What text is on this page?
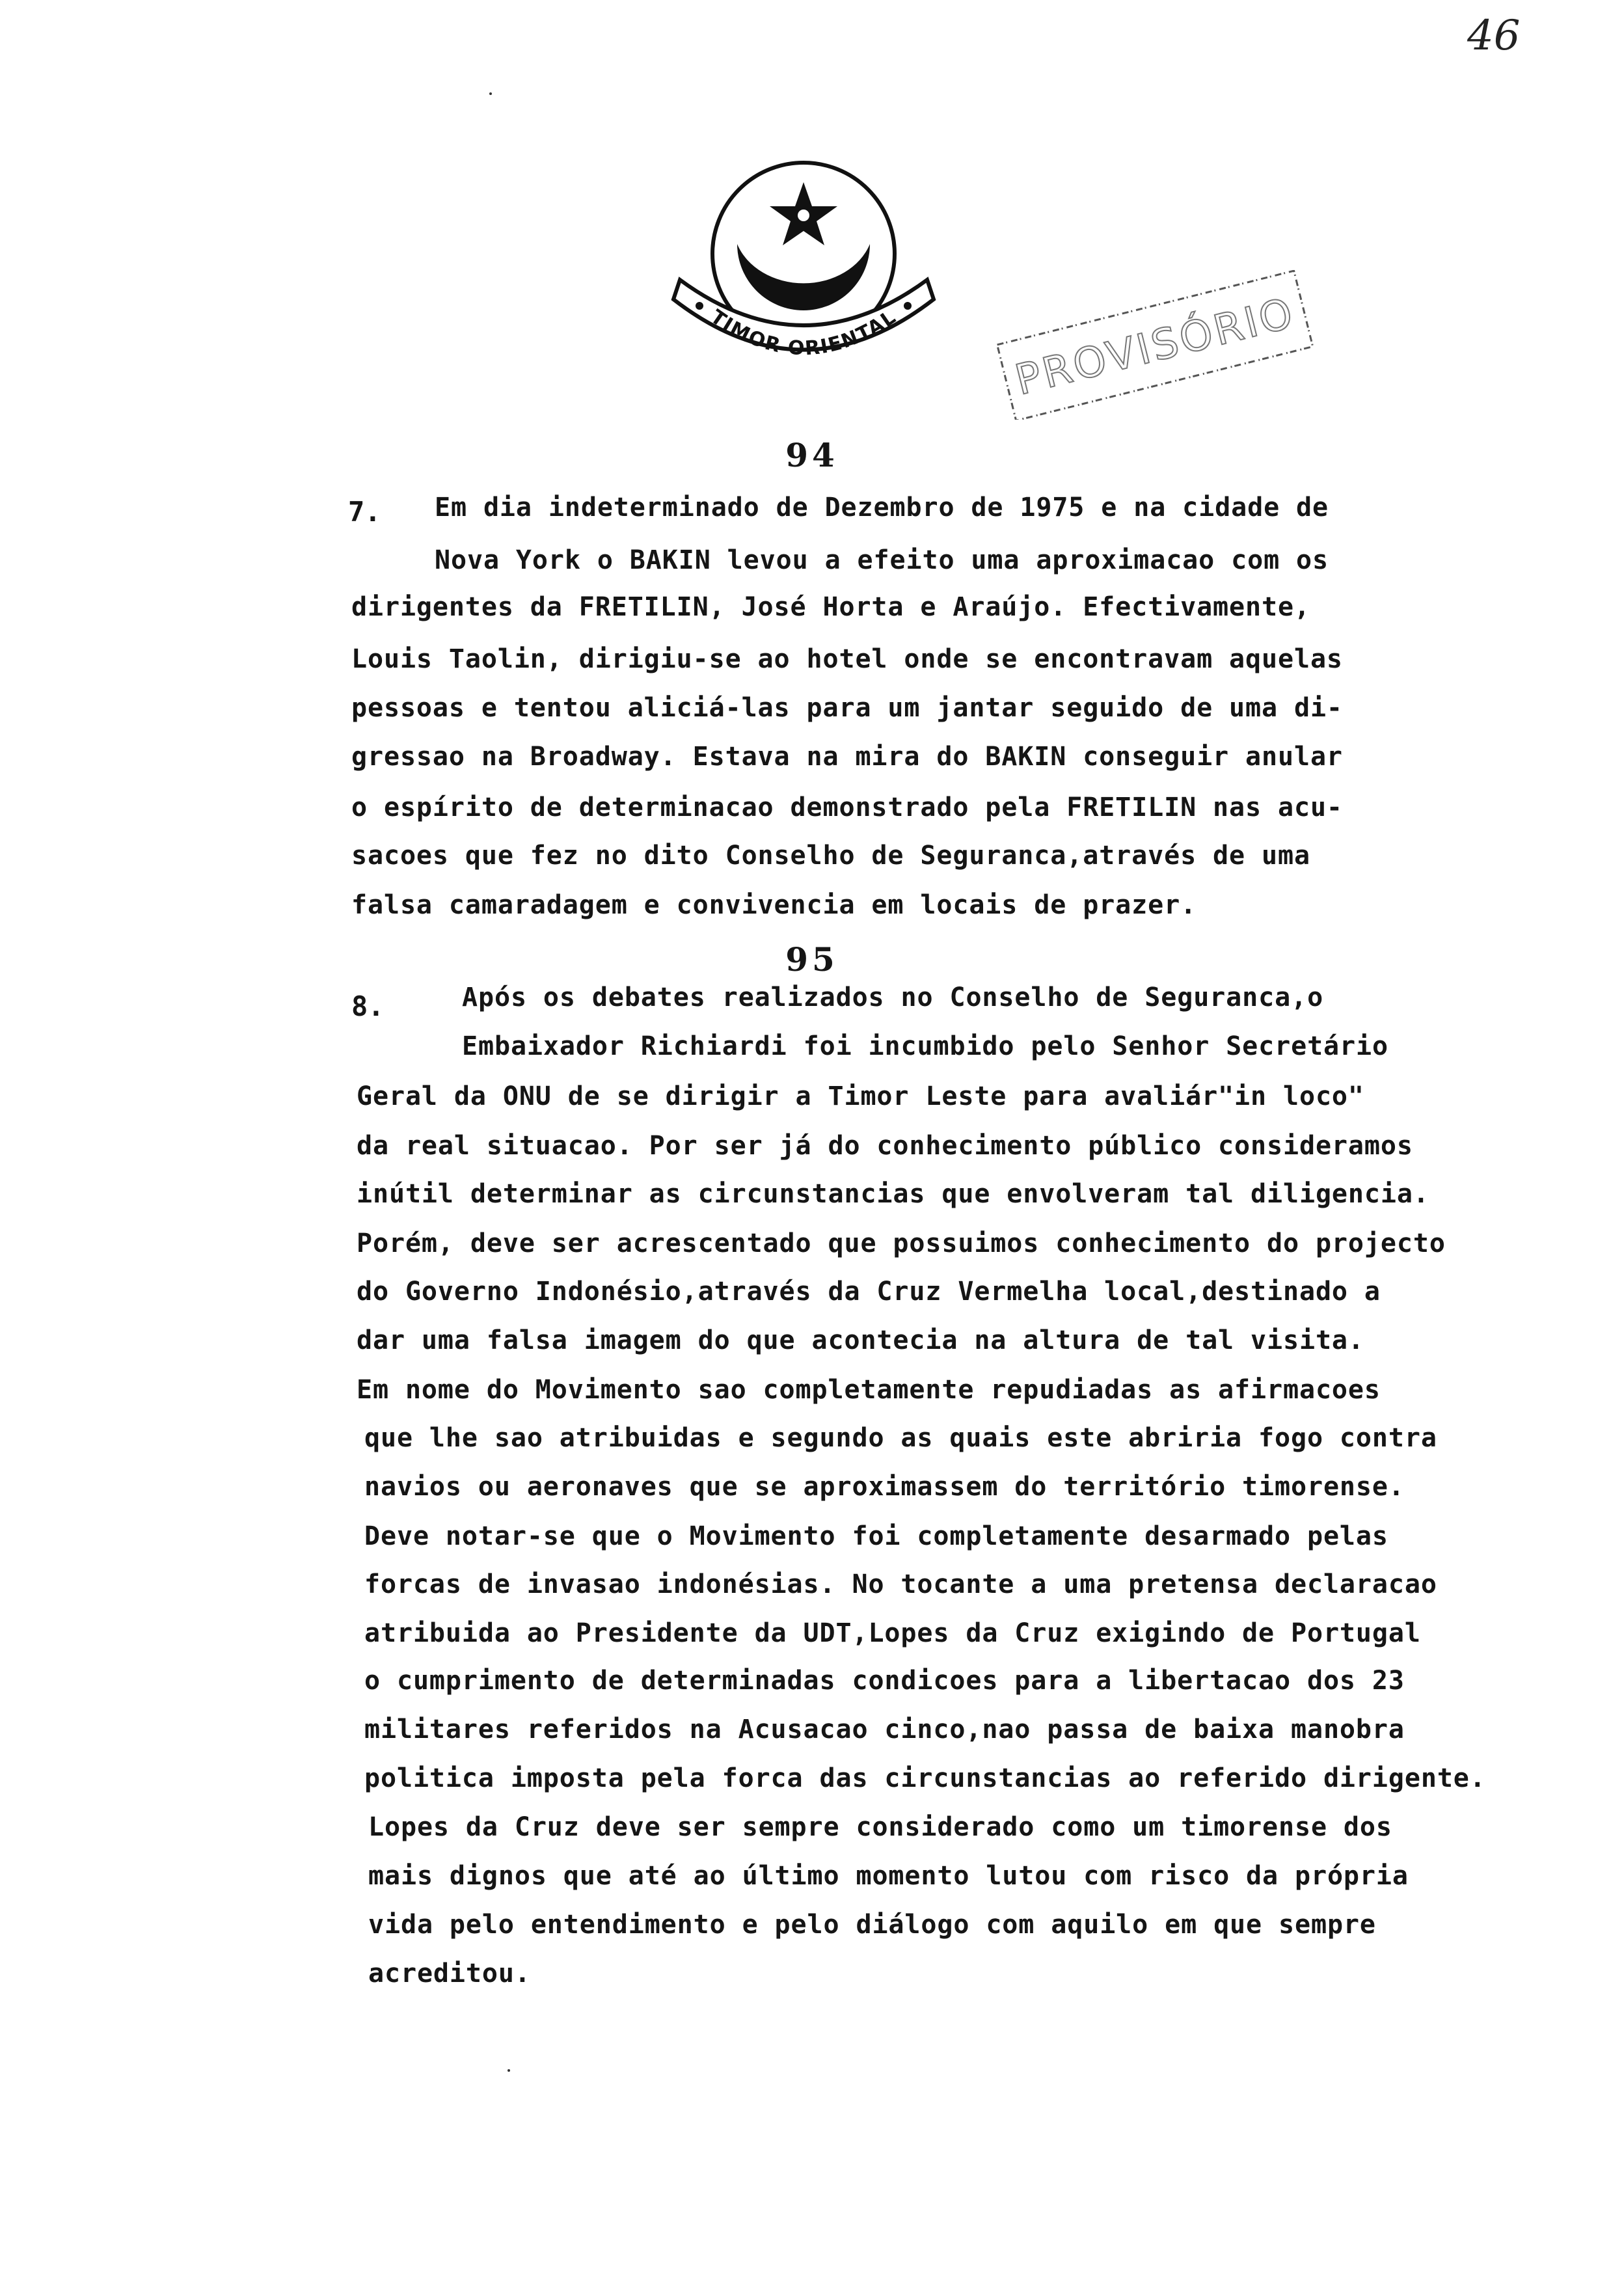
46
TIMOR ORIENTAL	PROVISÓRIO
94
7. Em dia indeterminado de Dezembro de 1975 e na cidade de
Nova York o BAKIN levou a efeito uma aproximacao com os
dirigentes da FRETILIN, José Horta e Araújo. Efectivamente,
Louis Taolin, dirigiu-se ao hotel onde se encontravam aquelas
pessoas e tentou aliciá-las para um jantar seguido de uma di-
gressao na Broadway. Estava na mira do BAKIN conseguir anular
o espírito de determinacao demonstrado pela FRETILIN nas acu-
sacoes que fez no dito Conselho de Seguranca,através de uma
falsa camaradagem e convivencia em locais de prazer.
95
8.	Após os debates realizados no Conselho de Seguranca,o
Embaixador Richiardi foi incumbido pelo Senhor Secretário
Geral da ONU de se dirigir a Timor Leste para avaliár"in loco"
da real situacao. Por ser já do conhecimento público consideramos
inútil determinar as circunstancias que envolveram tal diligencia.
Porém, deve ser acrescentado que possuimos conhecimento do projecto
do Governo Indonésio,através da Cruz Vermelha local,destinado a
dar uma falsa imagem do que acontecia na altura de tal visita.
Em nome do Movimento sao completamente repudiadas as afirmacoes
que lhe sao atribuidas e segundo as quais este abriria fogo contra
navios ou aeronaves que se aproximassem do território timorense.
Deve notar-se que o Movimento foi completamente desarmado pelas
forcas de invasao indonésias. No tocante a uma pretensa declaracao
atribuida ao Presidente da UDT,Lopes da Cruz exigindo de Portugal
o cumprimento de determinadas condicoes para a libertacao dos 23
militares referidos na Acusacao cinco,nao passa de baixa manobra
politica imposta pela forca das circunstancias ao referido dirigente.
Lopes da Cruz deve ser sempre considerado como um timorense dos
mais dignos que até ao último momento lutou com risco da própria
vida pelo entendimento e pelo diálogo com aquilo em que sempre
acreditou.
